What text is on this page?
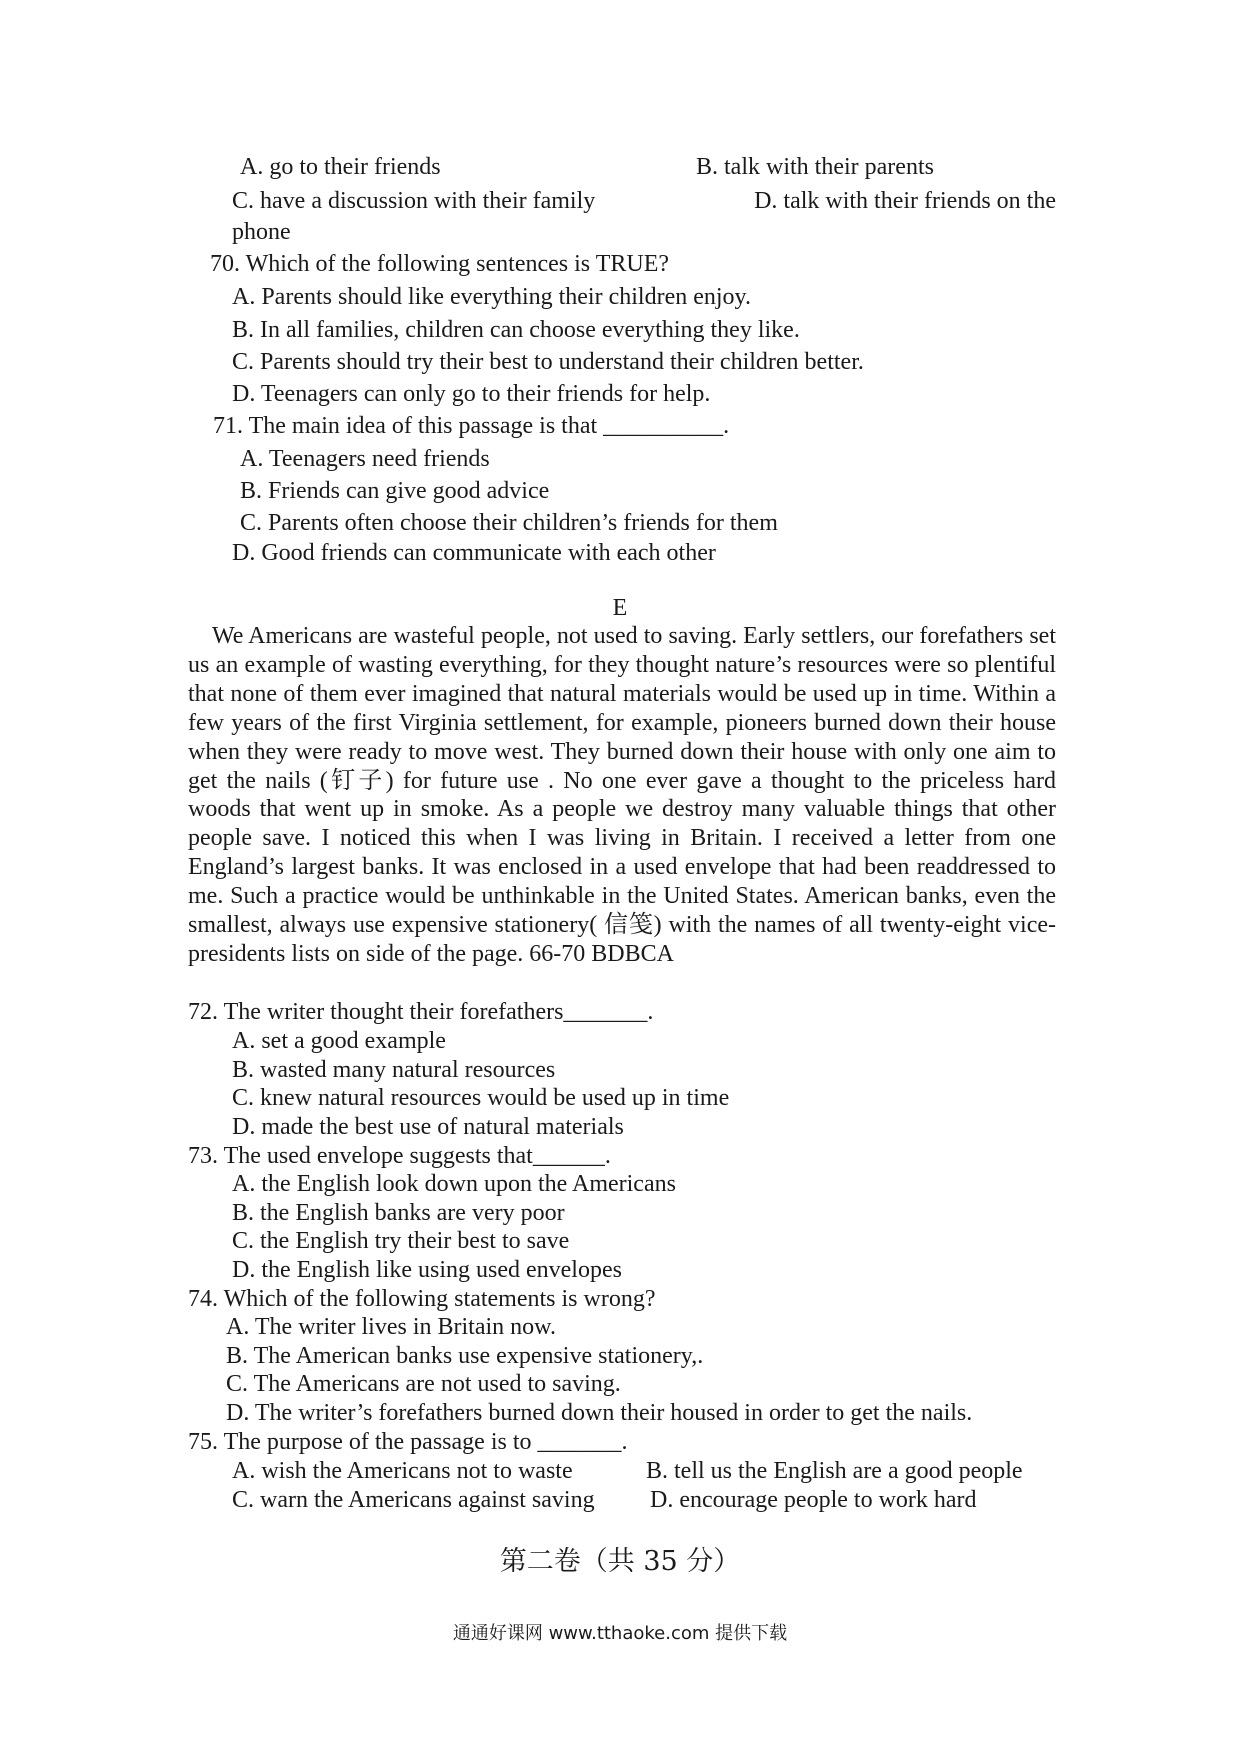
A. go to their friends	B. talk with their parents
C. have a discussion with their family	D. talk with their friends on the
phone
70. Which of the following sentences is TRUE?
A. Parents should like everything their children enjoy.
B. In all families, children can choose everything they like.
C. Parents should try their best to understand their children better.
D. Teenagers can only go to their friends for help.
71. The main idea of this passage is that __________.
A. Teenagers need friends
B. Friends can give good advice
C. Parents often choose their children’s friends for them
D. Good friends can communicate with each other
E

We Americans are wasteful people, not used to saving. Early settlers, our forefathers set us an example of wasting everything, for they thought nature’s resources were so plentiful that none of them ever imagined that natural materials would be used up in time. Within a few years of the first Virginia settlement, for example, pioneers burned down their house when they were ready to move west. They burned down their house with only one aim to get the nails (钉子) for future use . No one ever gave a thought to the priceless hard woods that went up in smoke. As a people we destroy many valuable things that other people save. I noticed this when I was living in Britain. I received a letter from one England’s largest banks. It was enclosed in a used envelope that had been readdressed to me. Such a practice would be unthinkable in the United States. American banks, even the smallest, always use expensive stationery( 信笺) with the names of all twenty-eight vice-presidents lists on side of the page. 66-70 BDBCA

72. The writer thought their forefathers_______.
A. set a good example
B. wasted many natural resources
C. knew natural resources would be used up in time
D. made the best use of natural materials
73. The used envelope suggests that______.
A. the English look down upon the Americans
B. the English banks are very poor
C. the English try their best to save
D. the English like using used envelopes
74. Which of the following statements is wrong?
A. The writer lives in Britain now.
B. The American banks use expensive stationery,.
C. The Americans are not used to saving.
D. The writer’s forefathers burned down their housed in order to get the nails.
75. The purpose of the passage is to _______.
A. wish the Americans not to waste	B. tell us the English are a good people
C. warn the Americans against saving D. encourage people to work hard
第二卷（共 35 分）
通通好课网 www.tthaoke.com 提供下载
